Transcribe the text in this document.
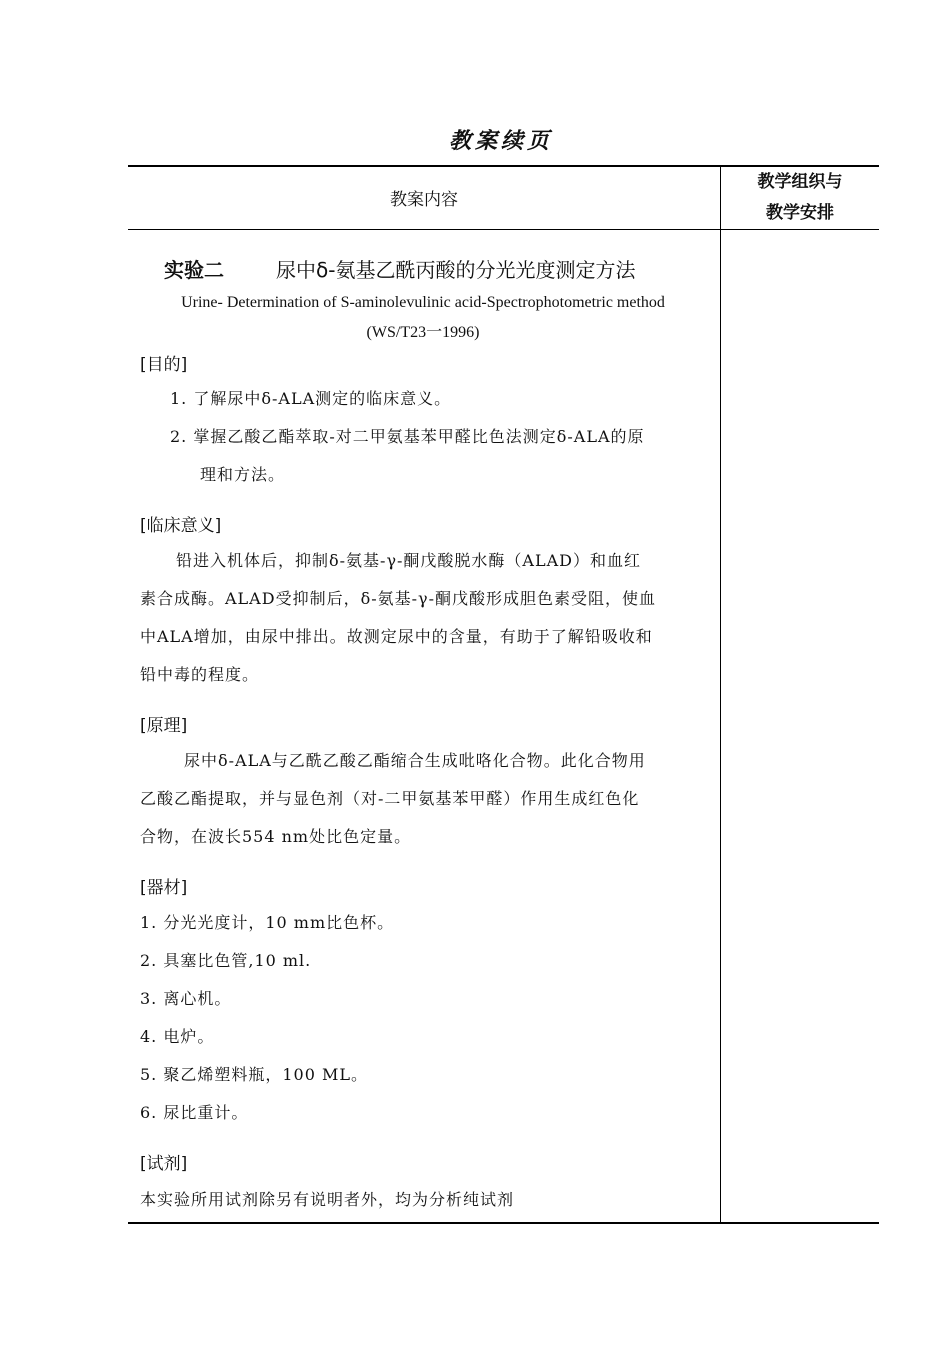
教案续页
教案内容
教学组织与
教学安排
实验二	尿中δ-氨基乙酰丙酸的分光光度测定方法
Urine- Determination of S-aminolevulinic acid-Spectrophotometric method
(WS/T23一1996)
[目的]
1. 了解尿中δ-ALA测定的临床意义。
2. 掌握乙酸乙酯萃取-对二甲氨基苯甲醛比色法测定δ-ALA的原
理和方法。
[临床意义]
铅进入机体后，抑制δ-氨基-γ-酮戊酸脱水酶（ALAD）和血红
素合成酶。ALAD受抑制后，δ-氨基-γ-酮戊酸形成胆色素受阻，使血
中ALA增加，由尿中排出。故测定尿中的含量，有助于了解铅吸收和
铅中毒的程度。
[原理]
尿中δ-ALA与乙酰乙酸乙酯缩合生成吡咯化合物。此化合物用
乙酸乙酯提取，并与显色剂（对-二甲氨基苯甲醛）作用生成红色化
合物，在波长554 nm处比色定量。
[器材]
1. 分光光度计，10 mm比色杯。
2. 具塞比色管,10 ml.
3. 离心机。
4. 电炉。
5. 聚乙烯塑料瓶，100 ML。
6. 尿比重计。
[试剂]
本实验所用试剂除另有说明者外，均为分析纯试剂
